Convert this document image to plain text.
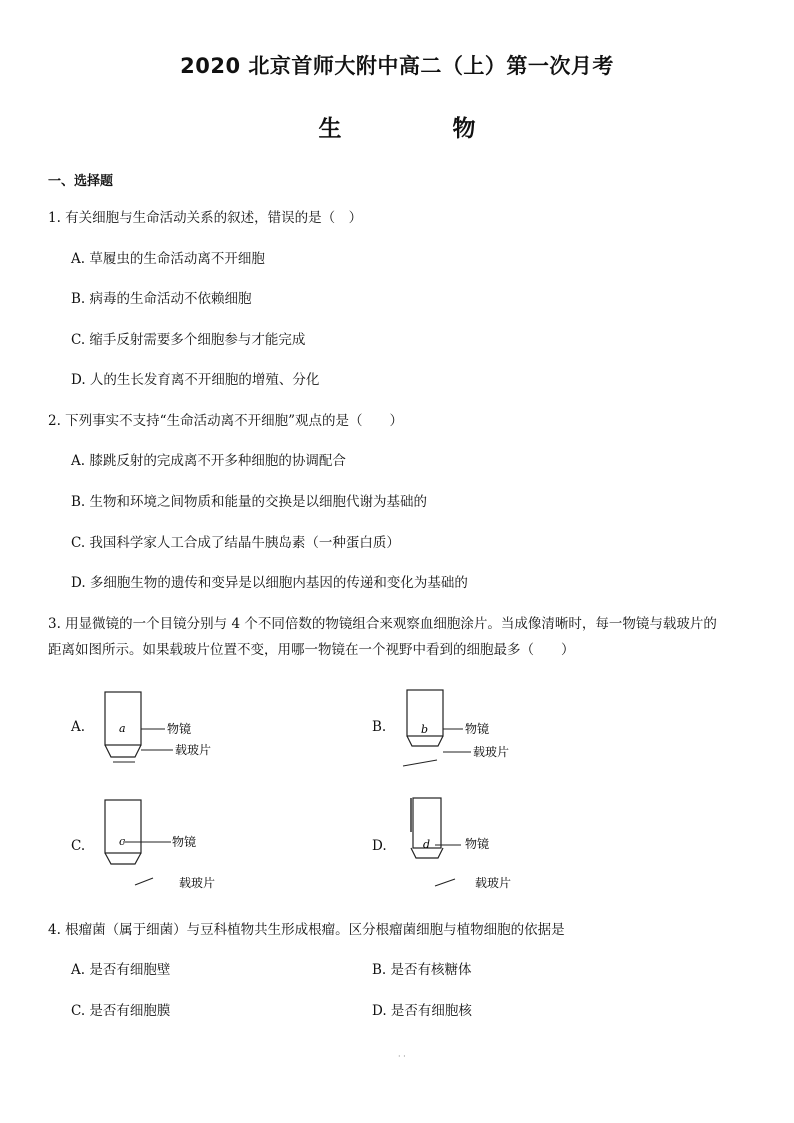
2020 北京首师大附中高二（上）第一次月考
生　物
一、选择题
1. 有关细胞与生命活动关系的叙述，错误的是（　）
A. 草履虫的生命活动离不开细胞
B. 病毒的生命活动不依赖细胞
C. 缩手反射需要多个细胞参与才能完成
D. 人的生长发育离不开细胞的增殖、分化
2. 下列事实不支持“生命活动离不开细胞”观点的是（　　）
A. 膝跳反射的完成离不开多种细胞的协调配合
B. 生物和环境之间物质和能量的交换是以细胞代谢为基础的
C. 我国科学家人工合成了结晶牛胰岛素（一种蛋白质）
D. 多细胞生物的遗传和变异是以细胞内基因的传递和变化为基础的
3. 用显微镜的一个目镜分别与 4 个不同倍数的物镜组合来观察血细胞涂片。当成像清晰时，每一物镜与载玻片的
距离如图所示。如果载玻片位置不变，用哪一物镜在一个视野中看到的细胞最多（　　）
A.	a	物镜
载玻片
B.	b	物镜
载玻片
C.	c	物镜
载玻片
D.	d	物镜
载玻片
4. 根瘤菌（属于细菌）与豆科植物共生形成根瘤。区分根瘤菌细胞与植物细胞的依据是
A. 是否有细胞壁	B. 是否有核糖体
C. 是否有细胞膜	D. 是否有细胞核
· ·
